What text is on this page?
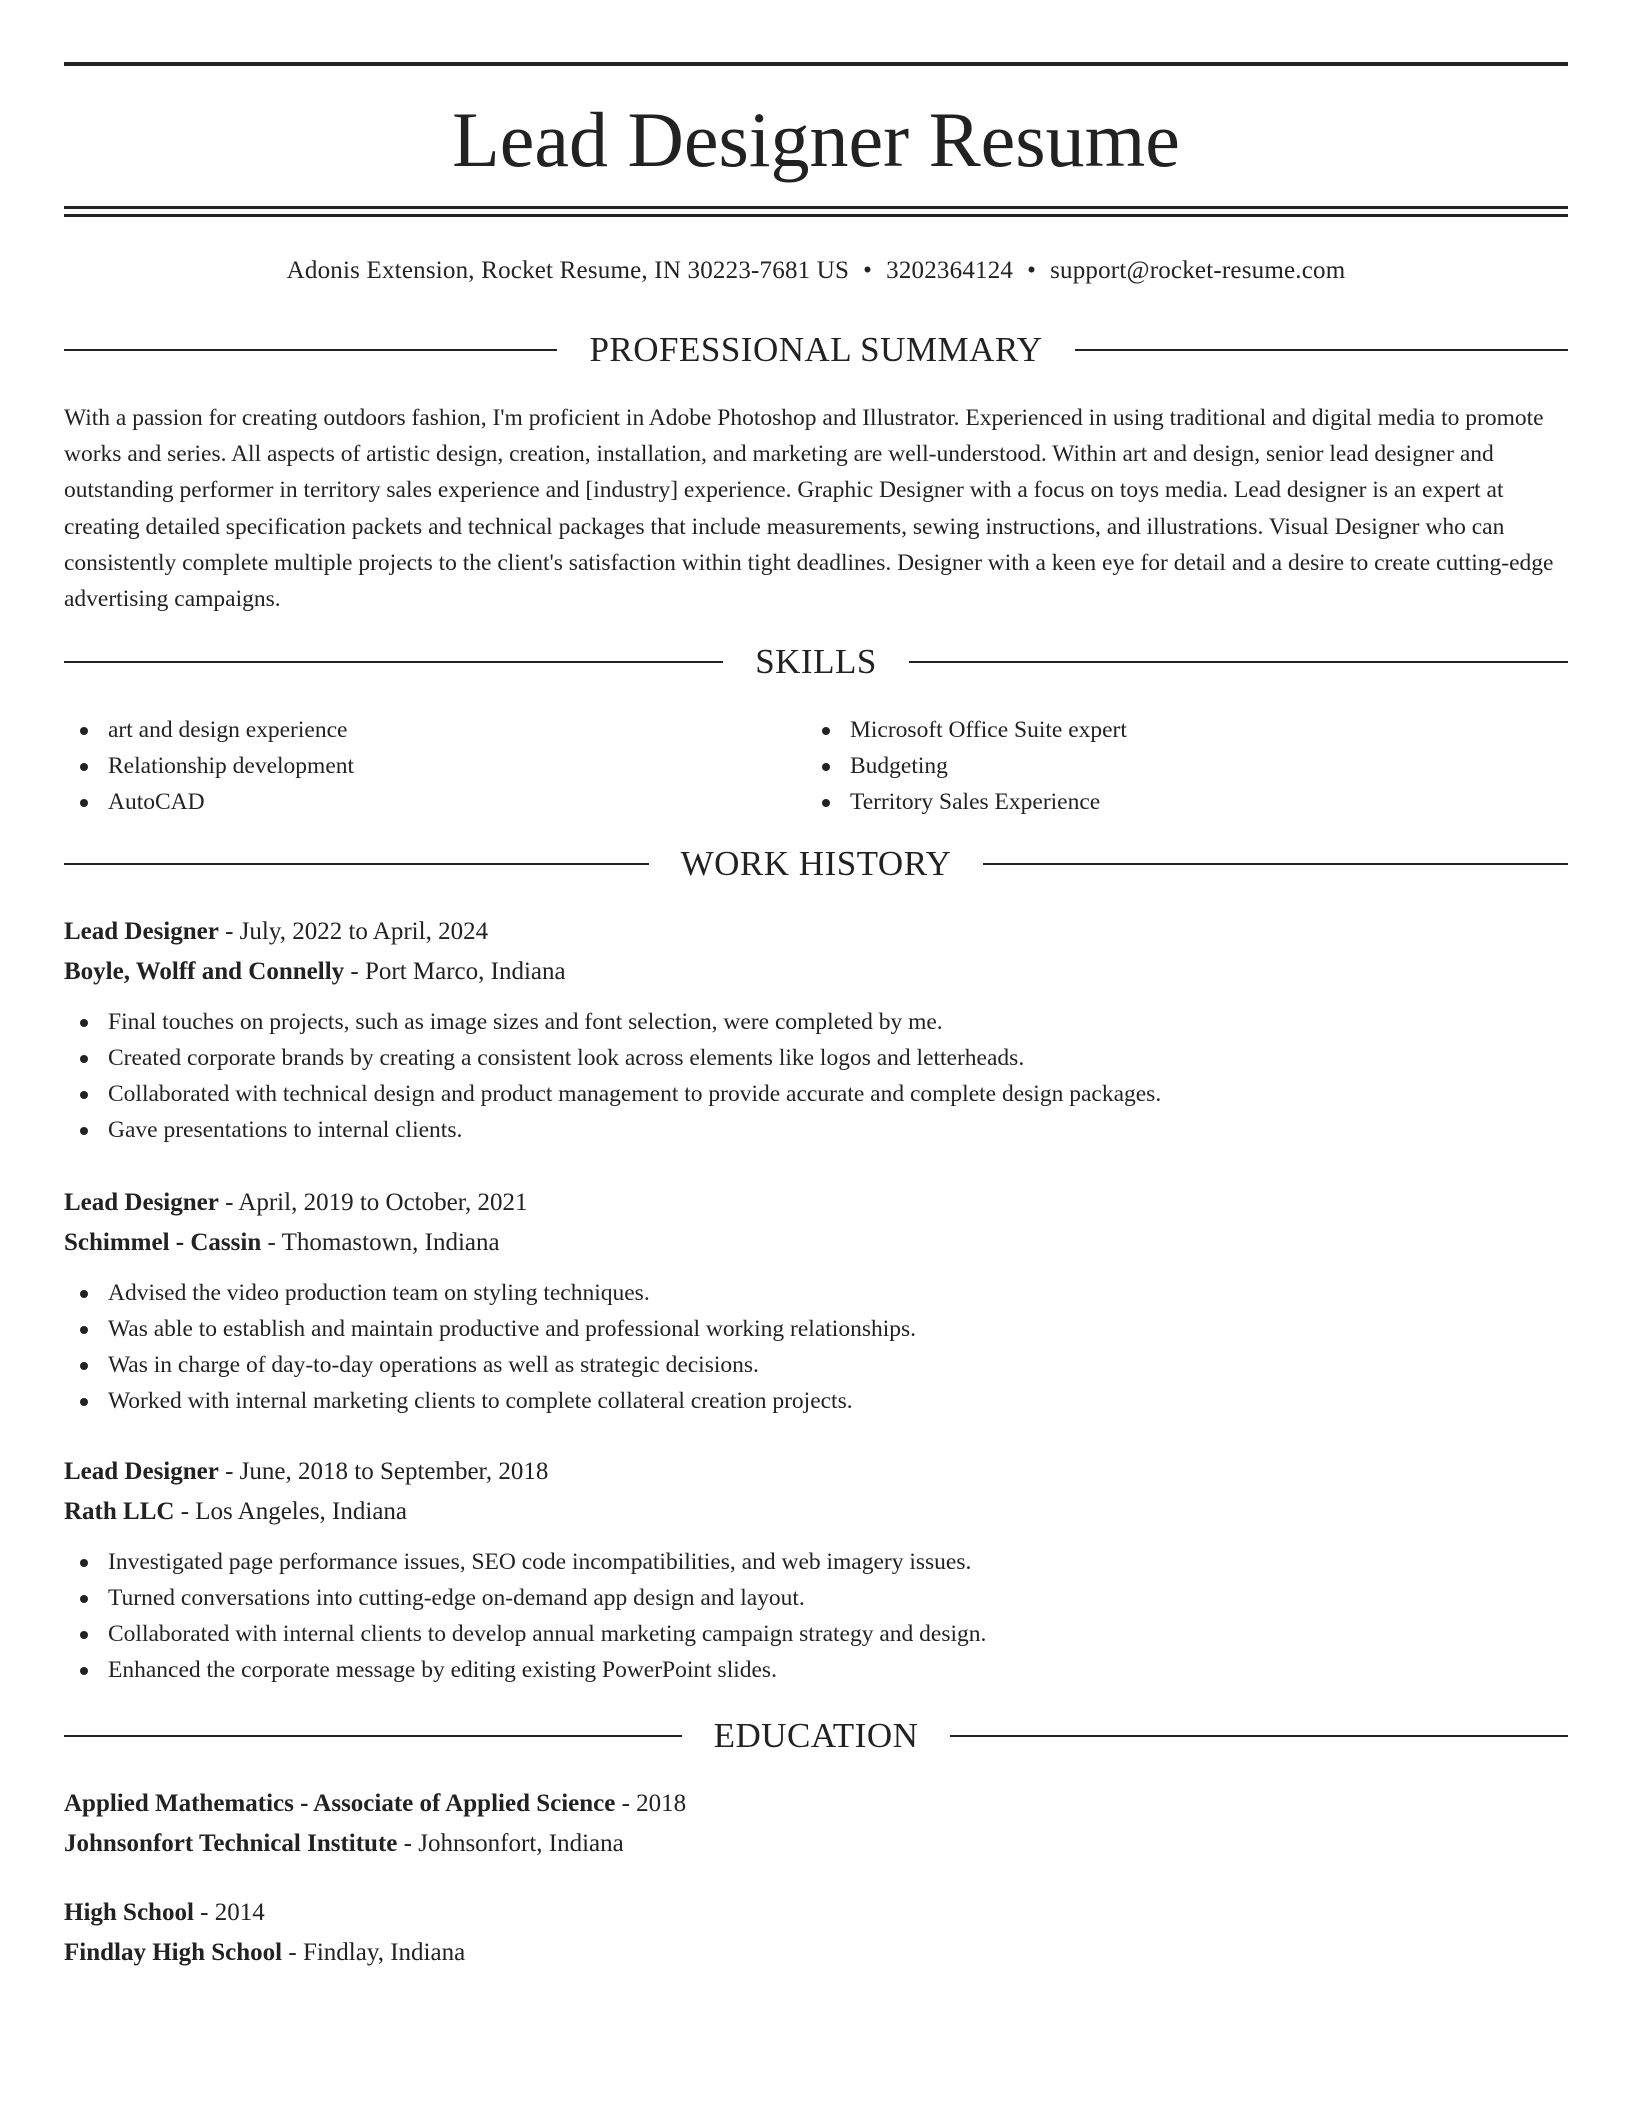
Lead Designer Resume
Adonis Extension, Rocket Resume, IN 30223-7681 US • 3202364124 • support@rocket-resume.com
PROFESSIONAL SUMMARY
With a passion for creating outdoors fashion, I'm proficient in Adobe Photoshop and Illustrator. Experienced in using traditional and digital media to promote works and series. All aspects of artistic design, creation, installation, and marketing are well-understood. Within art and design, senior lead designer and outstanding performer in territory sales experience and [industry] experience. Graphic Designer with a focus on toys media. Lead designer is an expert at creating detailed specification packets and technical packages that include measurements, sewing instructions, and illustrations. Visual Designer who can consistently complete multiple projects to the client's satisfaction within tight deadlines. Designer with a keen eye for detail and a desire to create cutting-edge advertising campaigns.
SKILLS
art and design experience
Relationship development
AutoCAD
Microsoft Office Suite expert
Budgeting
Territory Sales Experience
WORK HISTORY
Lead Designer - July, 2022 to April, 2024
Boyle, Wolff and Connelly - Port Marco, Indiana
Final touches on projects, such as image sizes and font selection, were completed by me.
Created corporate brands by creating a consistent look across elements like logos and letterheads.
Collaborated with technical design and product management to provide accurate and complete design packages.
Gave presentations to internal clients.
Lead Designer - April, 2019 to October, 2021
Schimmel - Cassin - Thomastown, Indiana
Advised the video production team on styling techniques.
Was able to establish and maintain productive and professional working relationships.
Was in charge of day-to-day operations as well as strategic decisions.
Worked with internal marketing clients to complete collateral creation projects.
Lead Designer - June, 2018 to September, 2018
Rath LLC - Los Angeles, Indiana
Investigated page performance issues, SEO code incompatibilities, and web imagery issues.
Turned conversations into cutting-edge on-demand app design and layout.
Collaborated with internal clients to develop annual marketing campaign strategy and design.
Enhanced the corporate message by editing existing PowerPoint slides.
EDUCATION
Applied Mathematics - Associate of Applied Science - 2018
Johnsonfort Technical Institute - Johnsonfort, Indiana
High School - 2014
Findlay High School - Findlay, Indiana
